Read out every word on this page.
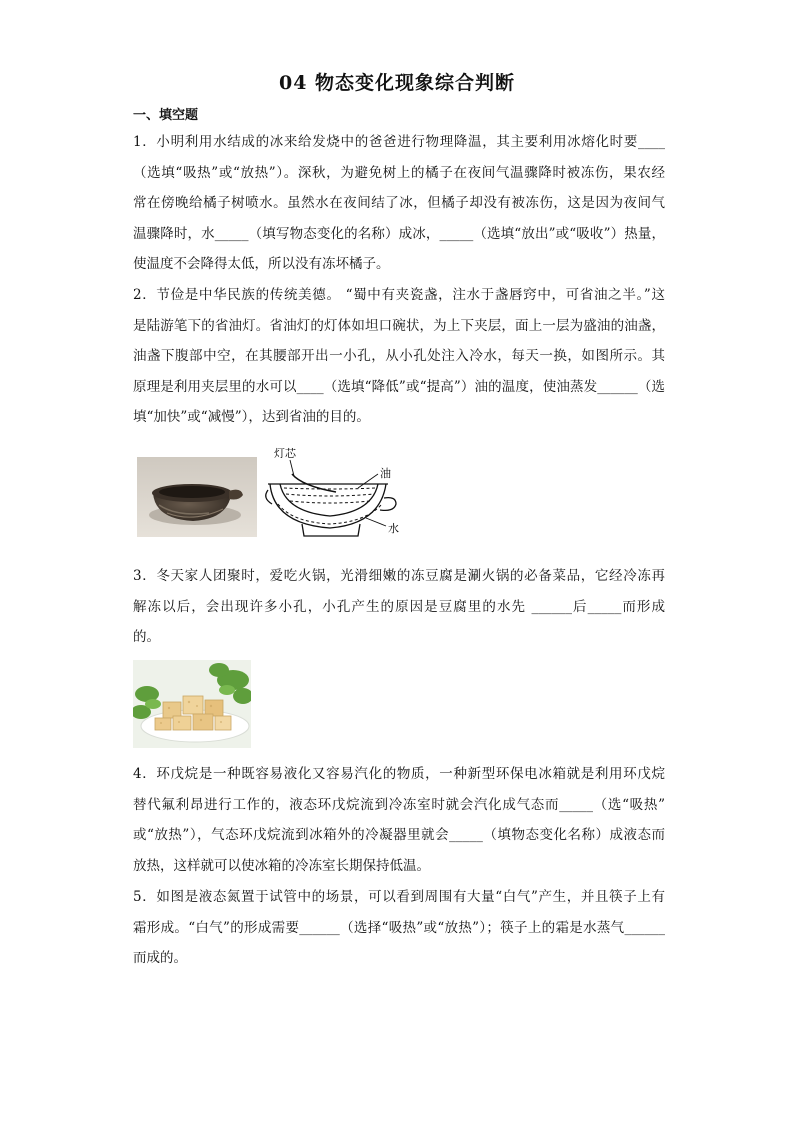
04 物态变化现象综合判断
一、填空题
1．小明利用水结成的冰来给发烧中的爸爸进行物理降温，其主要利用冰熔化时要____
（选填“吸热”或“放热”）。深秋，为避免树上的橘子在夜间气温骤降时被冻伤，果农经
常在傍晚给橘子树喷水。虽然水在夜间结了冰，但橘子却没有被冻伤，这是因为夜间气
温骤降时，水_____（填写物态变化的名称）成冰，_____（选填“放出”或“吸收”）热量，
使温度不会降得太低，所以没有冻坏橘子。
2．节俭是中华民族的传统美德。 “蜀中有夹瓷盏，注水于盏唇窍中，可省油之半。”这
是陆游笔下的省油灯。省油灯的灯体如坦口碗状，为上下夹层，面上一层为盛油的油盏，
油盏下腹部中空，在其腰部开出一小孔，从小孔处注入冷水，每天一换，如图所示。其
原理是利用夹层里的水可以____（选填“降低”或“提高”）油的温度，使油蒸发______（选
填“加快”或“减慢”），达到省油的目的。
灯芯
油
水
3．冬天家人团聚时，爱吃火锅，光滑细嫩的冻豆腐是涮火锅的必备菜品，它经冷冻再
解冻以后，会出现许多小孔，小孔产生的原因是豆腐里的水先 ______后_____而形成
的。
4．环戊烷是一种既容易液化又容易汽化的物质，一种新型环保电冰箱就是利用环戊烷
替代氟利昂进行工作的，液态环戊烷流到冷冻室时就会汽化成气态而_____（选“吸热”
或“放热”），气态环戊烷流到冰箱外的冷凝器里就会_____（填物态变化名称）成液态而
放热，这样就可以使冰箱的冷冻室长期保持低温。
5．如图是液态氮置于试管中的场景，可以看到周围有大量“白气”产生，并且筷子上有
霜形成。“白气”的形成需要______（选择“吸热”或“放热”）；筷子上的霜是水蒸气______
而成的。
